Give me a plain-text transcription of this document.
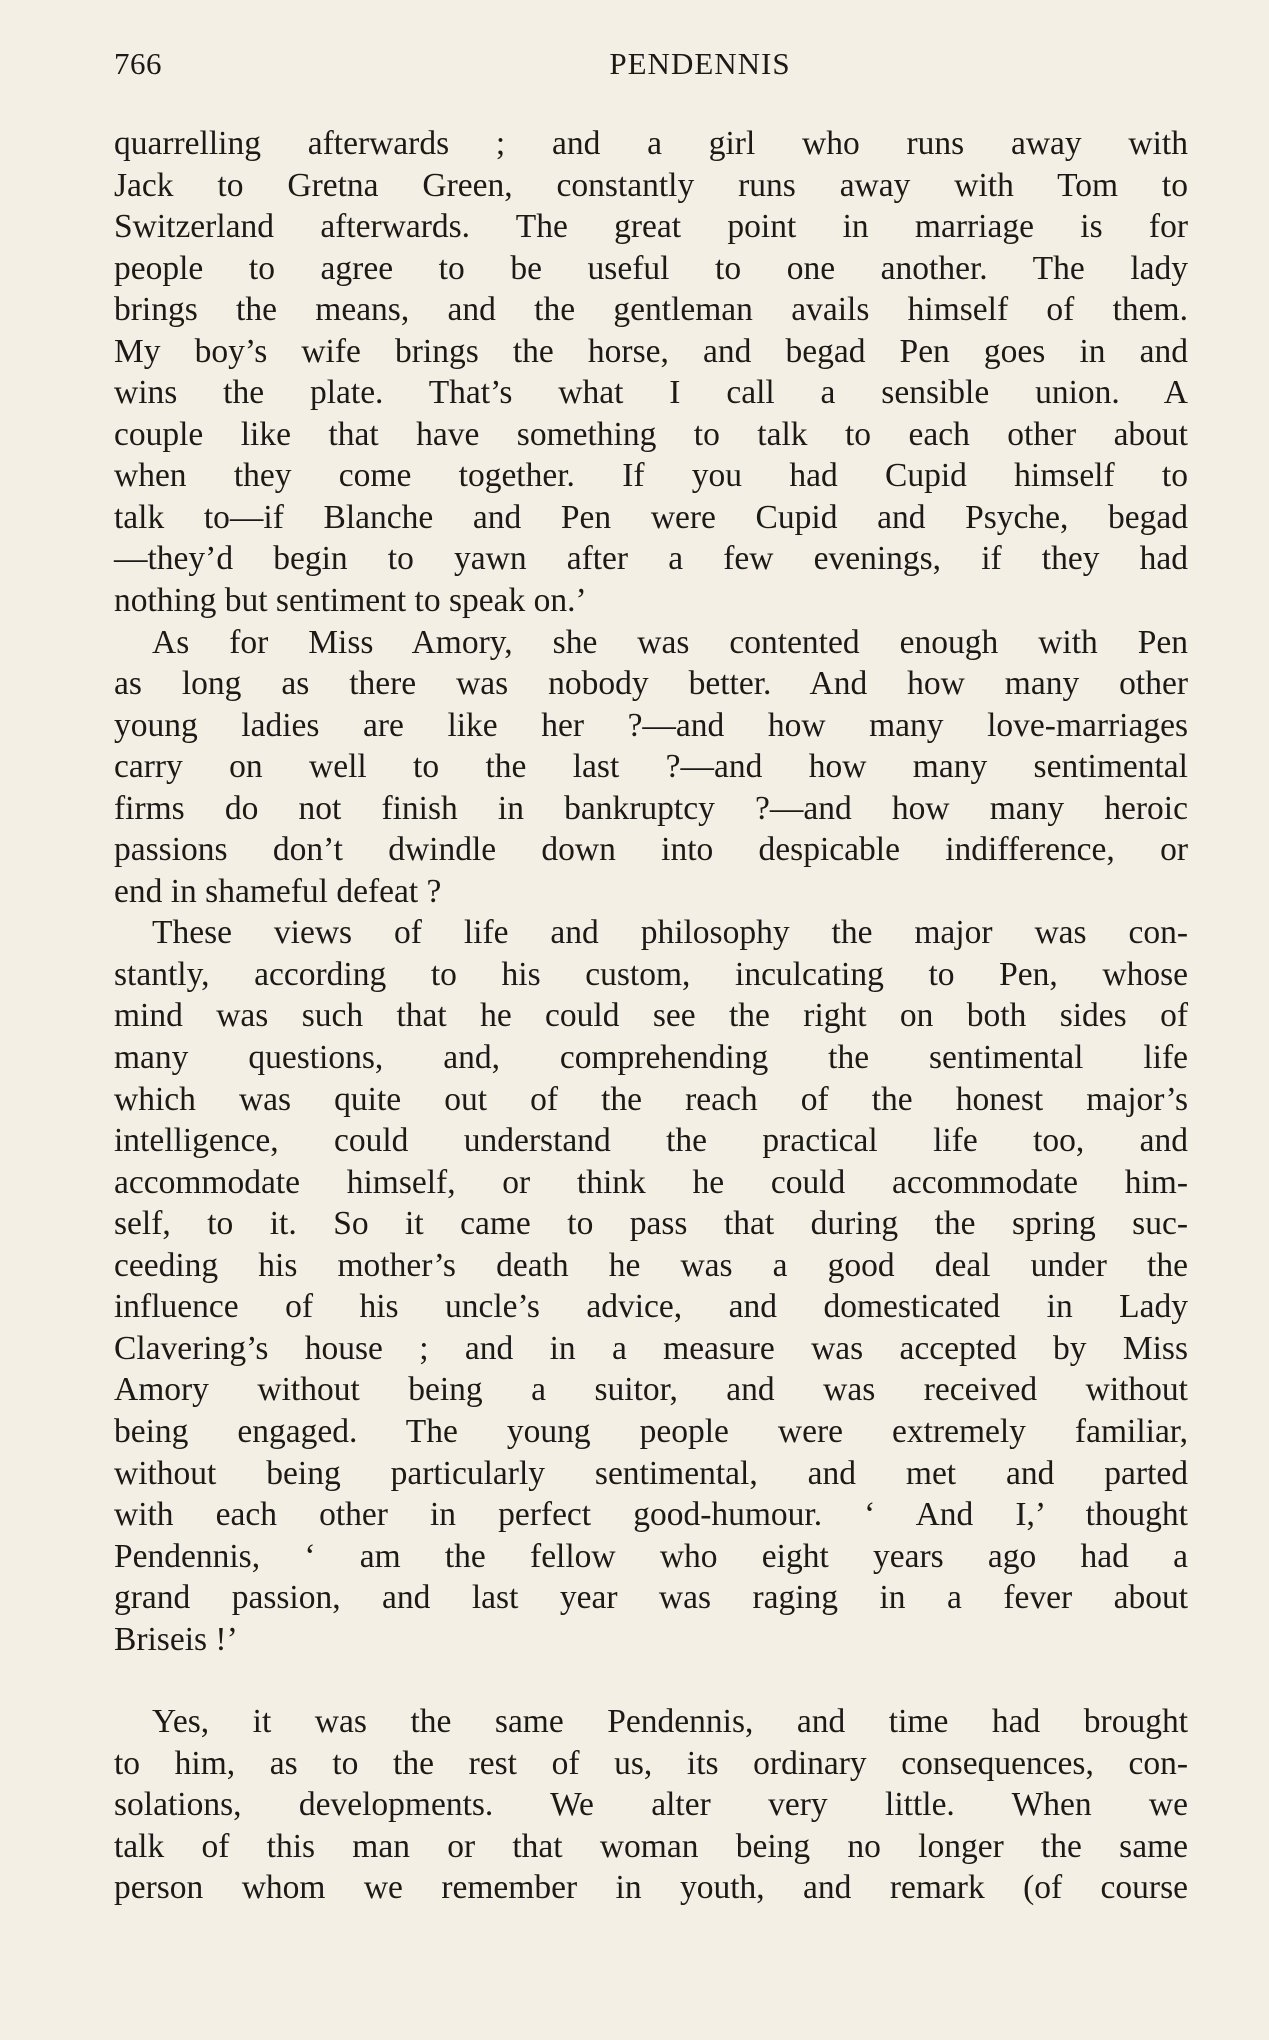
766	PENDENNIS
quarrelling afterwards ; and a girl who runs away with
Jack to Gretna Green, constantly runs away with Tom to
Switzerland afterwards. The great point in marriage is for
people to agree to be useful to one another. The lady
brings the means, and the gentleman avails himself of them.
My boy’s wife brings the horse, and begad Pen goes in and
wins the plate. That’s what I call a sensible union. A
couple like that have something to talk to each other about
when they come together. If you had Cupid himself to
talk to—if Blanche and Pen were Cupid and Psyche, begad
—they’d begin to yawn after a few evenings, if they had
nothing but sentiment to speak on.’
As for Miss Amory, she was contented enough with Pen
as long as there was nobody better. And how many other
young ladies are like her ?—and how many love-marriages
carry on well to the last ?—and how many sentimental
firms do not finish in bankruptcy ?—and how many heroic
passions don’t dwindle down into despicable indifference, or
end in shameful defeat ?
These views of life and philosophy the major was con-
stantly, according to his custom, inculcating to Pen, whose
mind was such that he could see the right on both sides of
many questions, and, comprehending the sentimental life
which was quite out of the reach of the honest major’s
intelligence, could understand the practical life too, and
accommodate himself, or think he could accommodate him-
self, to it. So it came to pass that during the spring suc-
ceeding his mother’s death he was a good deal under the
influence of his uncle’s advice, and domesticated in Lady
Clavering’s house ; and in a measure was accepted by Miss
Amory without being a suitor, and was received without
being engaged. The young people were extremely familiar,
without being particularly sentimental, and met and parted
with each other in perfect good-humour. ‘ And I,’ thought
Pendennis, ‘ am the fellow who eight years ago had a
grand passion, and last year was raging in a fever about
Briseis !’
Yes, it was the same Pendennis, and time had brought
to him, as to the rest of us, its ordinary consequences, con-
solations, developments. We alter very little. When we
talk of this man or that woman being no longer the same
person whom we remember in youth, and remark (of course
